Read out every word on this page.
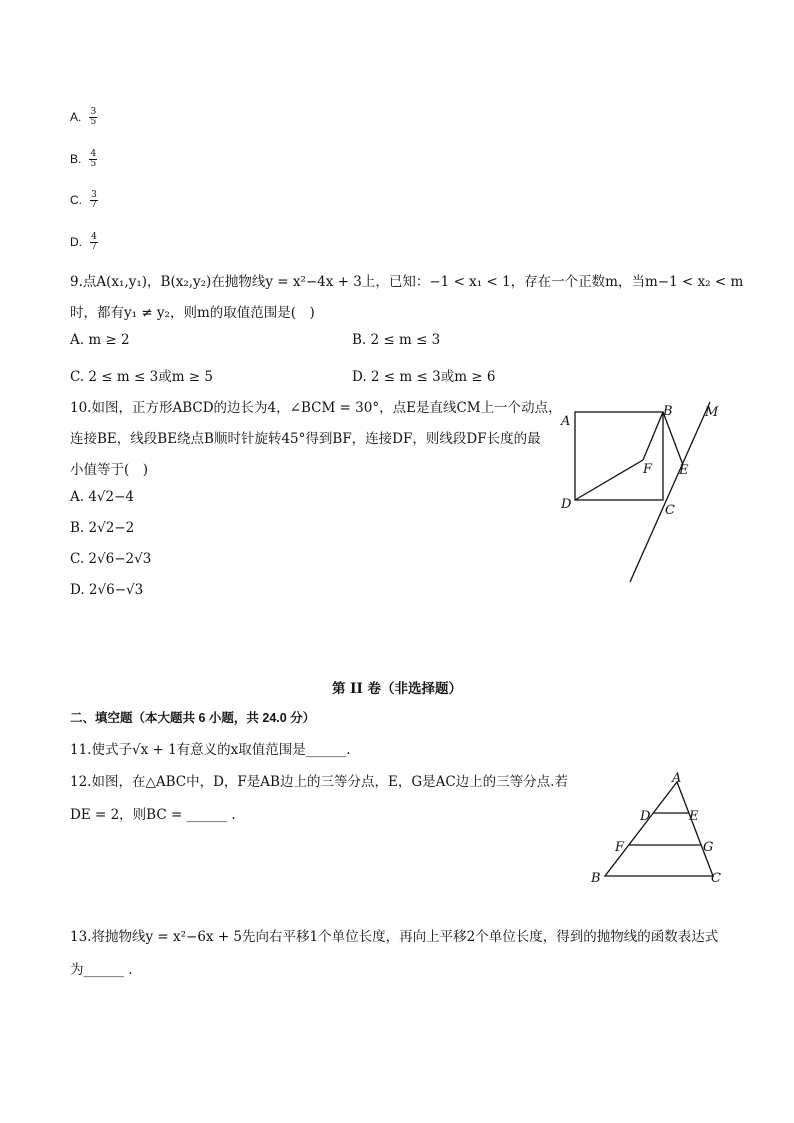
A. $\frac{3}{5}$
B. $\frac{4}{5}$
C. $\frac{3}{7}$
D. $\frac{4}{7}$
9.点A(x₁,y₁)，B(x₂,y₂)在抛物线y = x²−4x + 3上，已知：−1 < x₁ < 1，存在一个正数m，当m−1 < x₂ < m
时，都有y₁ ≠ y₂，则m的取值范围是(　)
A. m ≥ 2	B. 2 ≤ m ≤ 3
C. 2 ≤ m ≤ 3或m ≥ 5	D. 2 ≤ m ≤ 3或m ≥ 6
10.如图，正方形ABCD的边长为4，∠BCM = 30°，点E是直线CM上一个动点，
连接BE，线段BE绕点B顺时针旋转45°得到BF，连接DF，则线段DF长度的最
小值等于(　)
A. 4√2−4
B. 2√2−2
C. 2√6−2√3
D. 2√6−√3
A
B M
F E
D	C
第 II 卷（非选择题）
二、填空题（本大题共 6 小题，共 24.0 分）
11.使式子√x + 1有意义的x取值范围是______.
12.如图，在△ABC中，D，F是AB边上的三等分点，E，G是AC边上的三等分点.若
DE = 2，则BC = ______ .
A
D	E
F	G
B	C
13.将抛物线y = x²−6x + 5先向右平移1个单位长度，再向上平移2个单位长度，得到的抛物线的函数表达式
为______ .
